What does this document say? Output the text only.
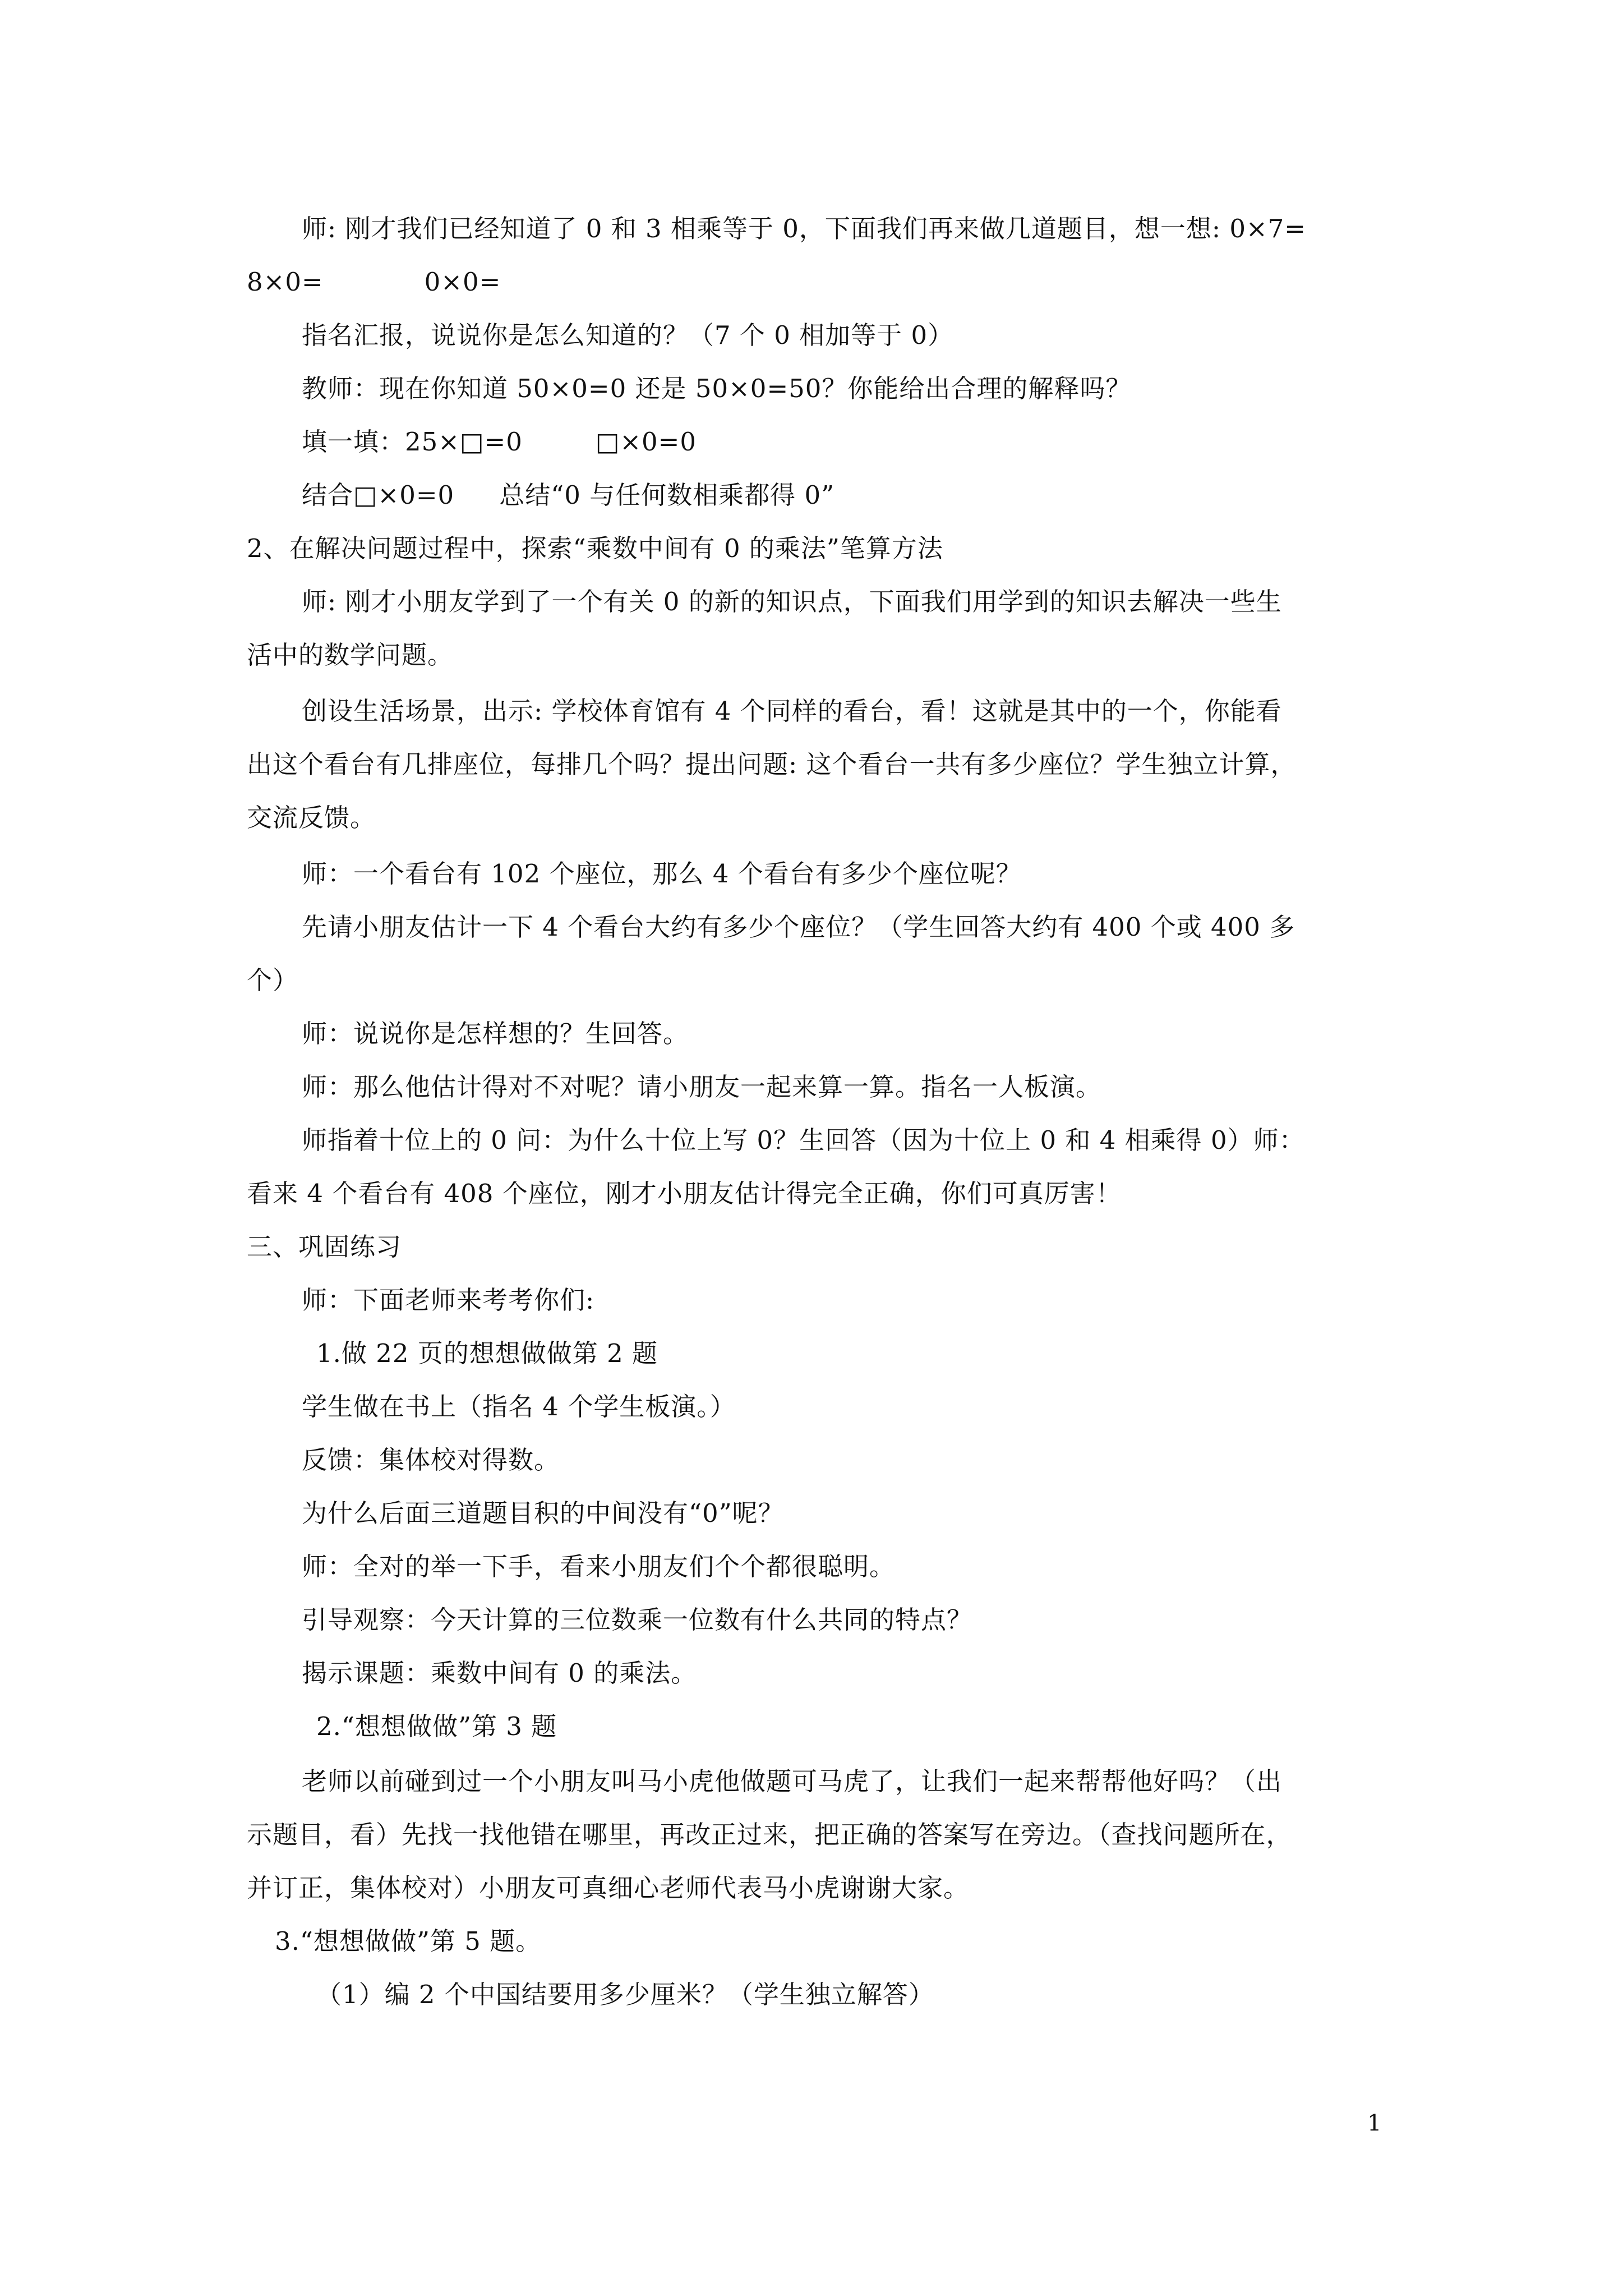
师: 刚才我们已经知道了 0 和 3 相乘等于 0，下面我们再来做几道题目，想一想: 0×7=
8×0=	0×0=
指名汇报，说说你是怎么知道的？（7 个 0 相加等于 0）
教师：现在你知道 50×0=0 还是 50×0=50？你能给出合理的解释吗？
填一填：25×□=0	□×0=0
结合□×0=0 总结“0 与任何数相乘都得 0”
2、在解决问题过程中，探索“乘数中间有 0 的乘法”笔算方法
师: 刚才小朋友学到了一个有关 0 的新的知识点，下面我们用学到的知识去解决一些生
活中的数学问题。
创设生活场景，出示: 学校体育馆有 4 个同样的看台，看！这就是其中的一个，你能看
出这个看台有几排座位，每排几个吗？提出问题: 这个看台一共有多少座位？学生独立计算，
交流反馈。
师：一个看台有 102 个座位，那么 4 个看台有多少个座位呢？
先请小朋友估计一下 4 个看台大约有多少个座位？（学生回答大约有 400 个或 400 多
个）
师：说说你是怎样想的？生回答。
师：那么他估计得对不对呢？请小朋友一起来算一算。指名一人板演。
师指着十位上的 0 问：为什么十位上写 0？生回答（因为十位上 0 和 4 相乘得 0）师：
看来 4 个看台有 408 个座位，刚才小朋友估计得完全正确，你们可真厉害！
三、巩固练习
师：下面老师来考考你们:
1.做 22 页的想想做做第 2 题
学生做在书上（指名 4 个学生板演。）
反馈：集体校对得数。
为什么后面三道题目积的中间没有“0”呢？
师：全对的举一下手，看来小朋友们个个都很聪明。
引导观察：今天计算的三位数乘一位数有什么共同的特点？
揭示课题：乘数中间有 0 的乘法。
2.“想想做做”第 3 题
老师以前碰到过一个小朋友叫马小虎他做题可马虎了，让我们一起来帮帮他好吗？（出
示题目，看）先找一找他错在哪里，再改正过来，把正确的答案写在旁边。（查找问题所在，
并订正，集体校对）小朋友可真细心老师代表马小虎谢谢大家。
3.“想想做做”第 5 题。
（1）编 2 个中国结要用多少厘米？（学生独立解答）
1
